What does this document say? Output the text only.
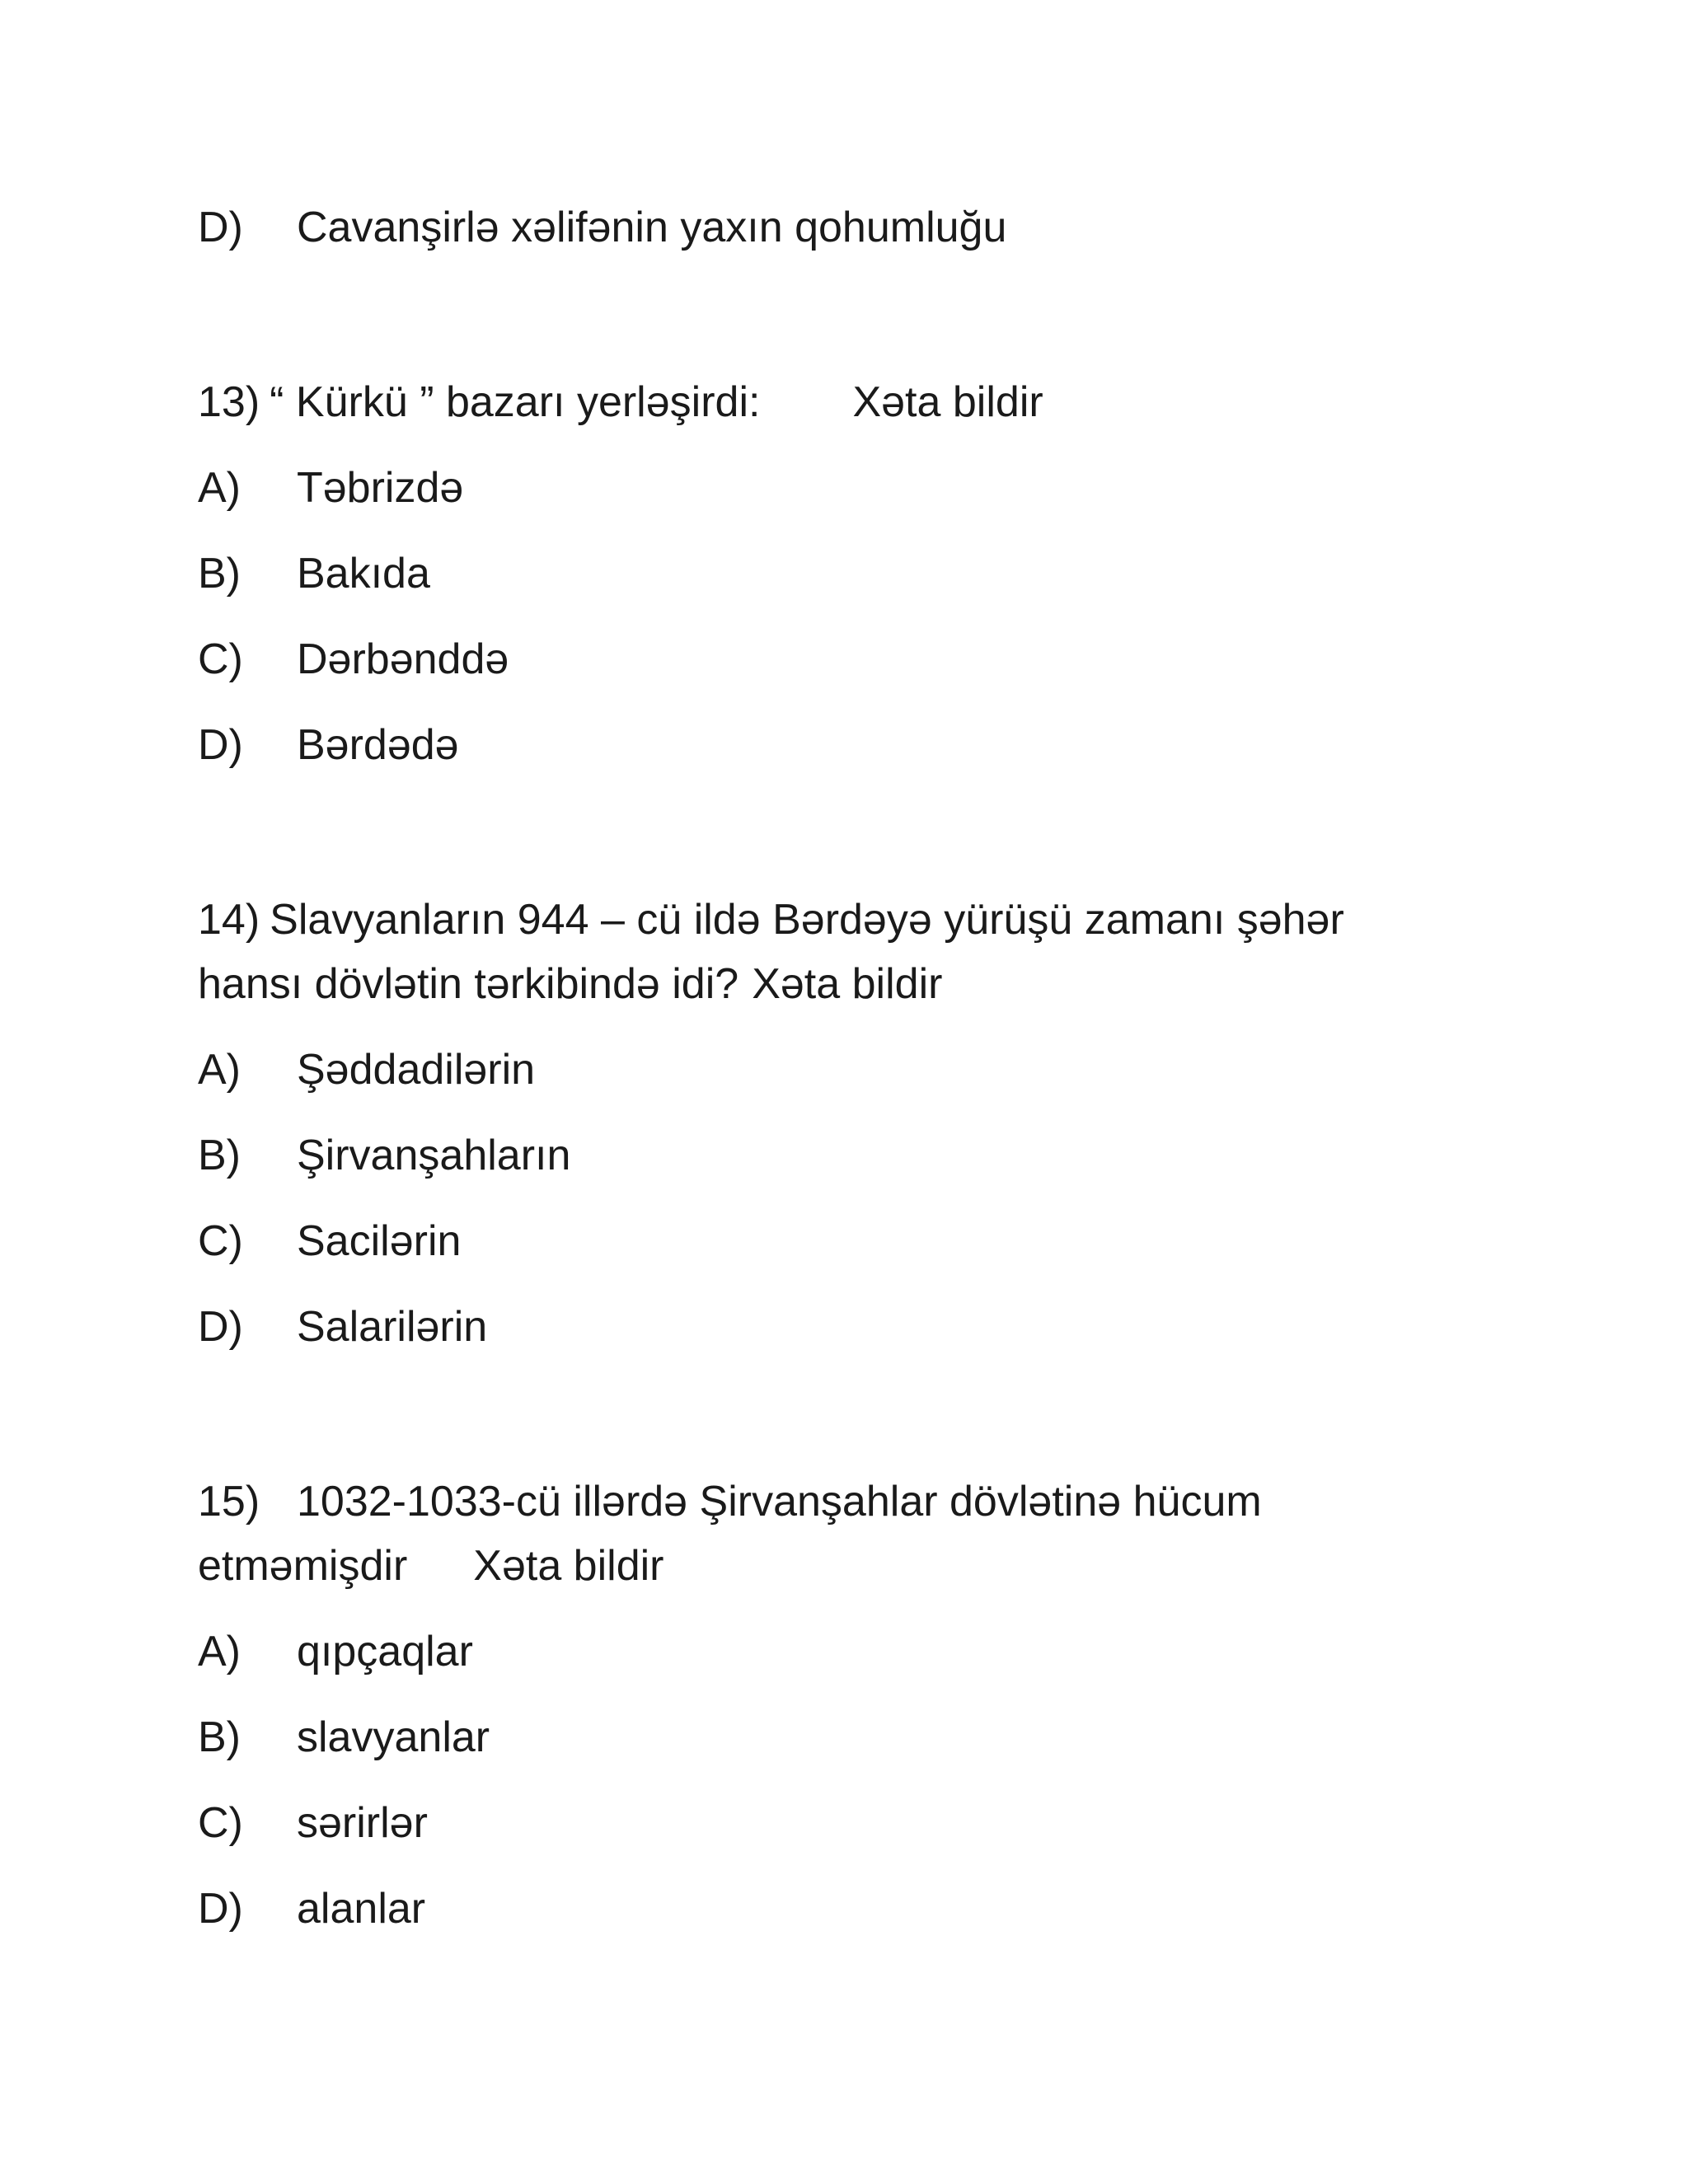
D) Cavanşirlə xəlifənin yaxın qohumluğu
13) “ Kürkü ” bazarı yerləşirdi: Xəta bildir
A) Təbrizdə
B) Bakıda
C) Dərbənddə
D) Bərdədə
14) Slavyanların 944 – cü ildə Bərdəyə yürüşü zamanı şəhər
hansı dövlətin tərkibində idi? Xəta bildir
A) Şəddadilərin
B) Şirvanşahların
C) Sacilərin
D) Salarilərin
15) 1032-1033-cü illərdə Şirvanşahlar dövlətinə hücum
etməmişdir Xəta bildir
A) qıpçaqlar
B) slavyanlar
C) sərirlər
D) alanlar
